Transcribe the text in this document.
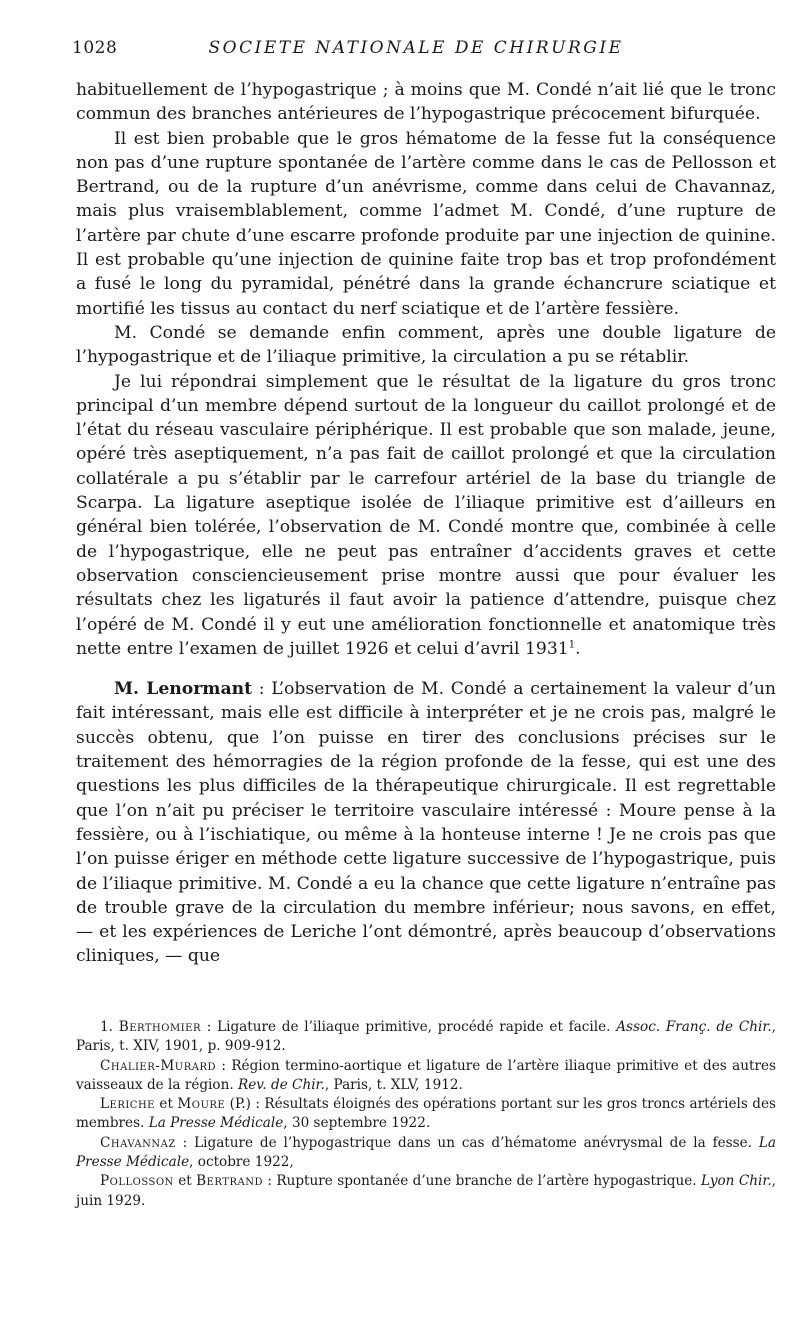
1028	SOCIETE NATIONALE DE CHIRURGIE

habituellement de l’hypogastrique ; à moins que M. Condé n’ait lié que le tronc commun des branches antérieures de l’hypogastrique précocement bifurquée.

Il est bien probable que le gros hématome de la fesse fut la conséquence non pas d’une rupture spontanée de l’artère comme dans le cas de Pellosson et Bertrand, ou de la rupture d’un anévrisme, comme dans celui de Chavannaz, mais plus vraisemblablement, comme l’admet M. Condé, d’une rupture de l’artère par chute d’une escarre profonde produite par une injection de quinine. Il est probable qu’une injection de quinine faite trop bas et trop profondément a fusé le long du pyramidal, pénétré dans la grande échancrure sciatique et mortifié les tissus au contact du nerf sciatique et de l’artère fessière.

M. Condé se demande enfin comment, après une double ligature de l’hypogastrique et de l’iliaque primitive, la circulation a pu se rétablir.

Je lui répondrai simplement que le résultat de la ligature du gros tronc principal d’un membre dépend surtout de la longueur du caillot prolongé et de l’état du réseau vasculaire périphérique. Il est probable que son malade, jeune, opéré très aseptiquement, n’a pas fait de caillot prolongé et que la circulation collatérale a pu s’établir par le carrefour artériel de la base du triangle de Scarpa. La ligature aseptique isolée de l’iliaque primitive est d’ailleurs en général bien tolérée, l’observation de M. Condé montre que, combinée à celle de l’hypogastrique, elle ne peut pas entraîner d’accidents graves et cette observation consciencieusement prise montre aussi que pour évaluer les résultats chez les ligaturés il faut avoir la patience d’attendre, puisque chez l’opéré de M. Condé il y eut une amélioration fonctionnelle et anatomique très nette entre l’examen de juillet 1926 et celui d’avril 1931$^1$.

M. Lenormant : L’observation de M. Condé a certainement la valeur d’un fait intéressant, mais elle est difficile à interpréter et je ne crois pas, malgré le succès obtenu, que l’on puisse en tirer des conclusions précises sur le traitement des hémorragies de la région profonde de la fesse, qui est une des questions les plus difficiles de la thérapeutique chirurgicale. Il est regrettable que l’on n’ait pu préciser le territoire vasculaire intéressé : Moure pense à la fessière, ou à l’ischiatique, ou même à la honteuse interne ! Je ne crois pas que l’on puisse ériger en méthode cette ligature successive de l’hypogastrique, puis de l’iliaque primitive. M. Condé a eu la chance que cette ligature n’entraîne pas de trouble grave de la circulation du membre inférieur; nous savons, en effet, — et les expériences de Leriche l’ont démontré, après beaucoup d’observations cliniques, — que

1. Berthomier : Ligature de l’iliaque primitive, procédé rapide et facile. Assoc. Franç. de Chir., Paris, t. XIV, 1901, p. 909-912.

Chalier-Murard : Région termino-aortique et ligature de l’artère iliaque primitive et des autres vaisseaux de la région. Rev. de Chir., Paris, t. XLV, 1912.

Leriche et Moure (P.) : Résultats éloignés des opérations portant sur les gros troncs artériels des membres. La Presse Médicale, 30 septembre 1922.

Chavannaz : Ligature de l’hypogastrique dans un cas d’hématome anévrysmal de la fesse. La Presse Médicale, octobre 1922,

Pollosson et Bertrand : Rupture spontanée d’une branche de l’artère hypogastrique. Lyon Chir., juin 1929.
